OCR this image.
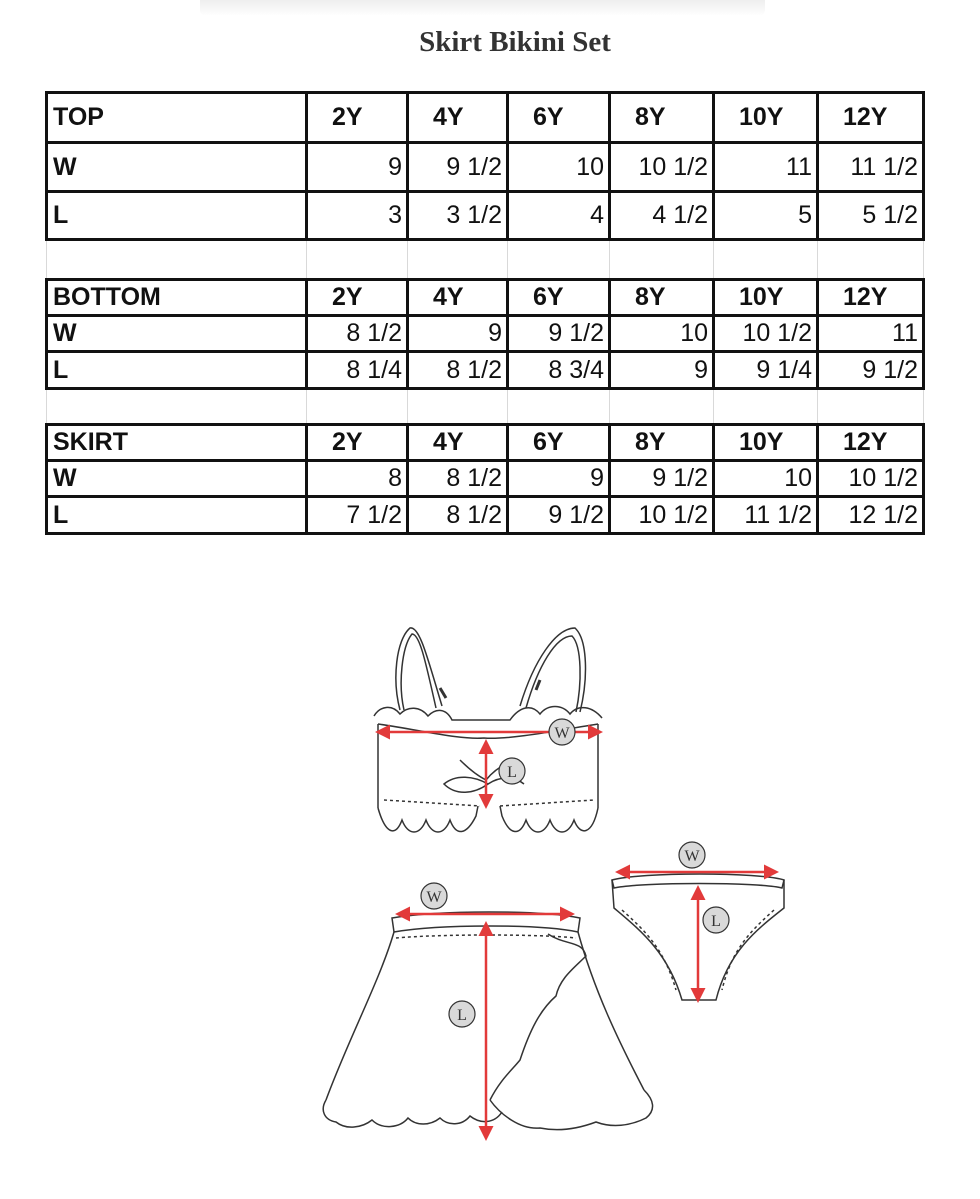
Skirt Bikini Set
TOP	2Y	4Y	6Y	8Y	10Y	12Y
W	9	9 1/2	10	10 1/2	11	11 1/2
L	3	3 1/2	4	4 1/2	5	5 1/2

BOTTOM	2Y	4Y	6Y	8Y	10Y	12Y
W	8 1/2	9	9 1/2	10	10 1/2	11
L	8 1/4	8 1/2	8 3/4	9	9 1/4	9 1/2

SKIRT	2Y	4Y	6Y	8Y	10Y	12Y
W	8	8 1/2	9	9 1/2	10	10 1/2
L	7 1/2	8 1/2	9 1/2	10 1/2	11 1/2	12 1/2
W
L
W
L
W
L
